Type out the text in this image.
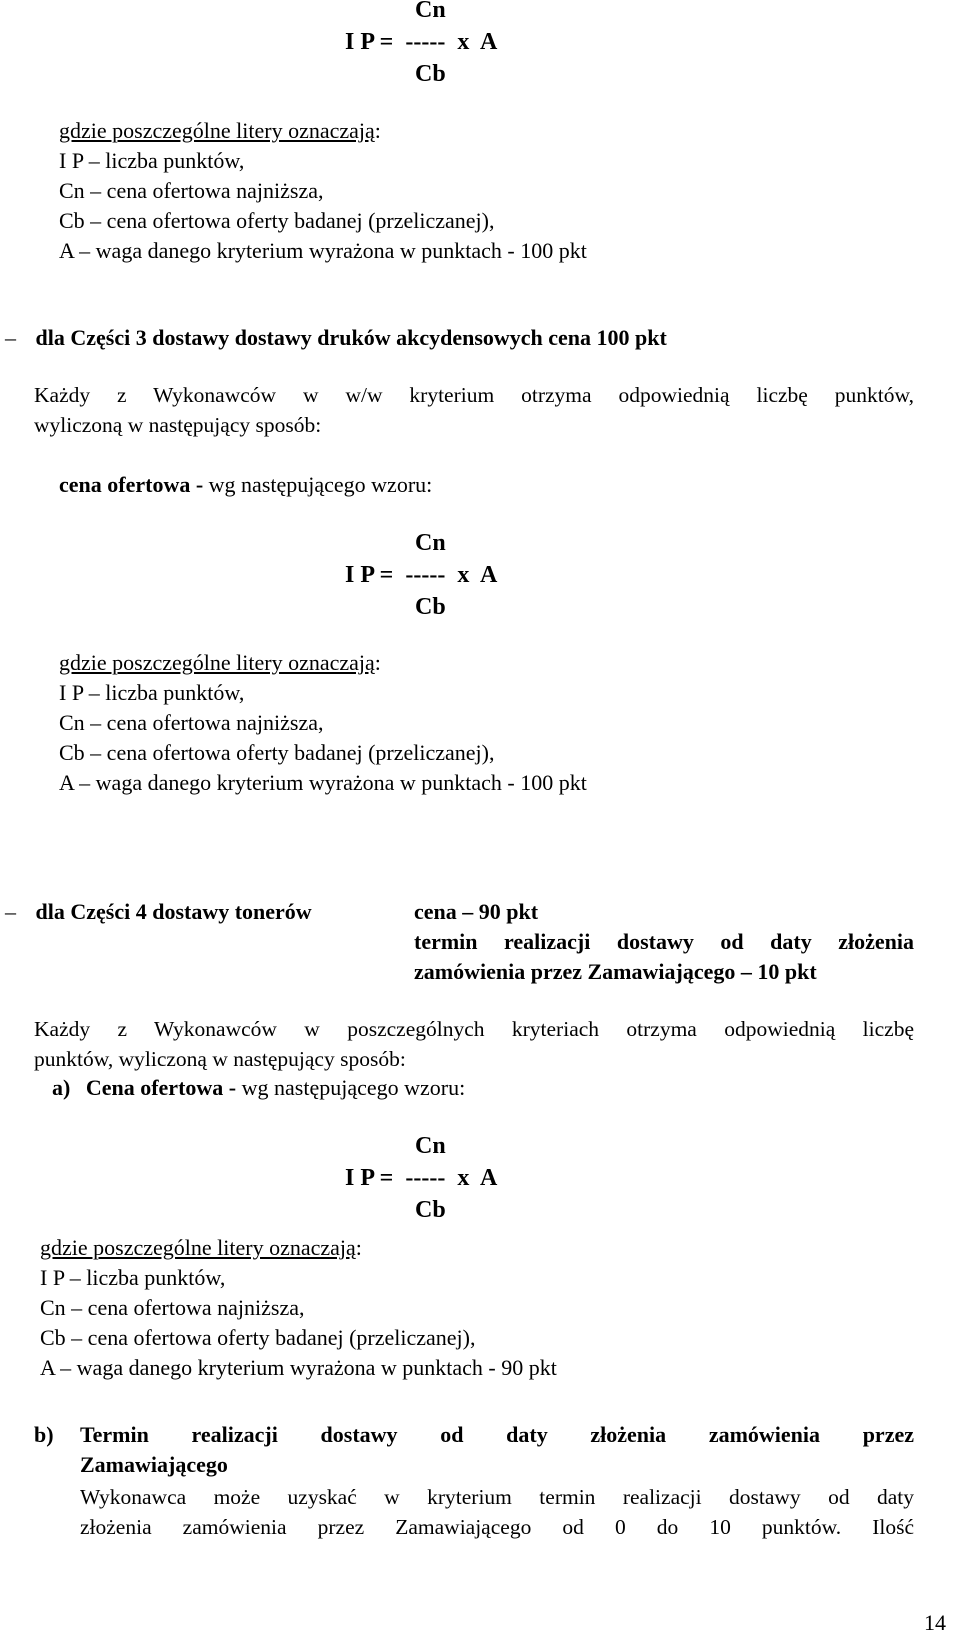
Cn
I P =  -----  x  A
Cb
gdzie poszczególne litery oznaczają:
I P – liczba punktów,
Cn – cena ofertowa najniższa,
Cb – cena ofertowa oferty badanej (przeliczanej),
A – waga danego kryterium wyrażona w punktach - 100 pkt
– dla Części 3 dostawy dostawy druków akcydensowych cena 100 pkt
Każdy z Wykonawców w w/w kryterium otrzyma odpowiednią liczbę punktów,
wyliczoną w następujący sposób:
cena ofertowa - wg następującego wzoru:
Cn
I P =  -----  x  A
Cb
gdzie poszczególne litery oznaczają:
I P – liczba punktów,
Cn – cena ofertowa najniższa,
Cb – cena ofertowa oferty badanej (przeliczanej),
A – waga danego kryterium wyrażona w punktach - 100 pkt
– dla Części 4 dostawy tonerów	cena – 90 pkt
termin realizacji dostawy od daty złożenia
zamówienia przez Zamawiającego – 10 pkt
Każdy z Wykonawców w poszczególnych kryteriach otrzyma odpowiednią liczbę
punktów, wyliczoną w następujący sposób:
a) Cena ofertowa - wg następującego wzoru:
Cn
I P =  -----  x  A
Cb
gdzie poszczególne litery oznaczają:
I P – liczba punktów,
Cn – cena ofertowa najniższa,
Cb – cena ofertowa oferty badanej (przeliczanej),
A – waga danego kryterium wyrażona w punktach - 90 pkt
b) Termin realizacji dostawy od daty złożenia zamówienia przez
Zamawiającego
Wykonawca może uzyskać w kryterium termin realizacji dostawy od daty
złożenia zamówienia przez Zamawiającego od 0 do 10 punktów. Ilość
14
